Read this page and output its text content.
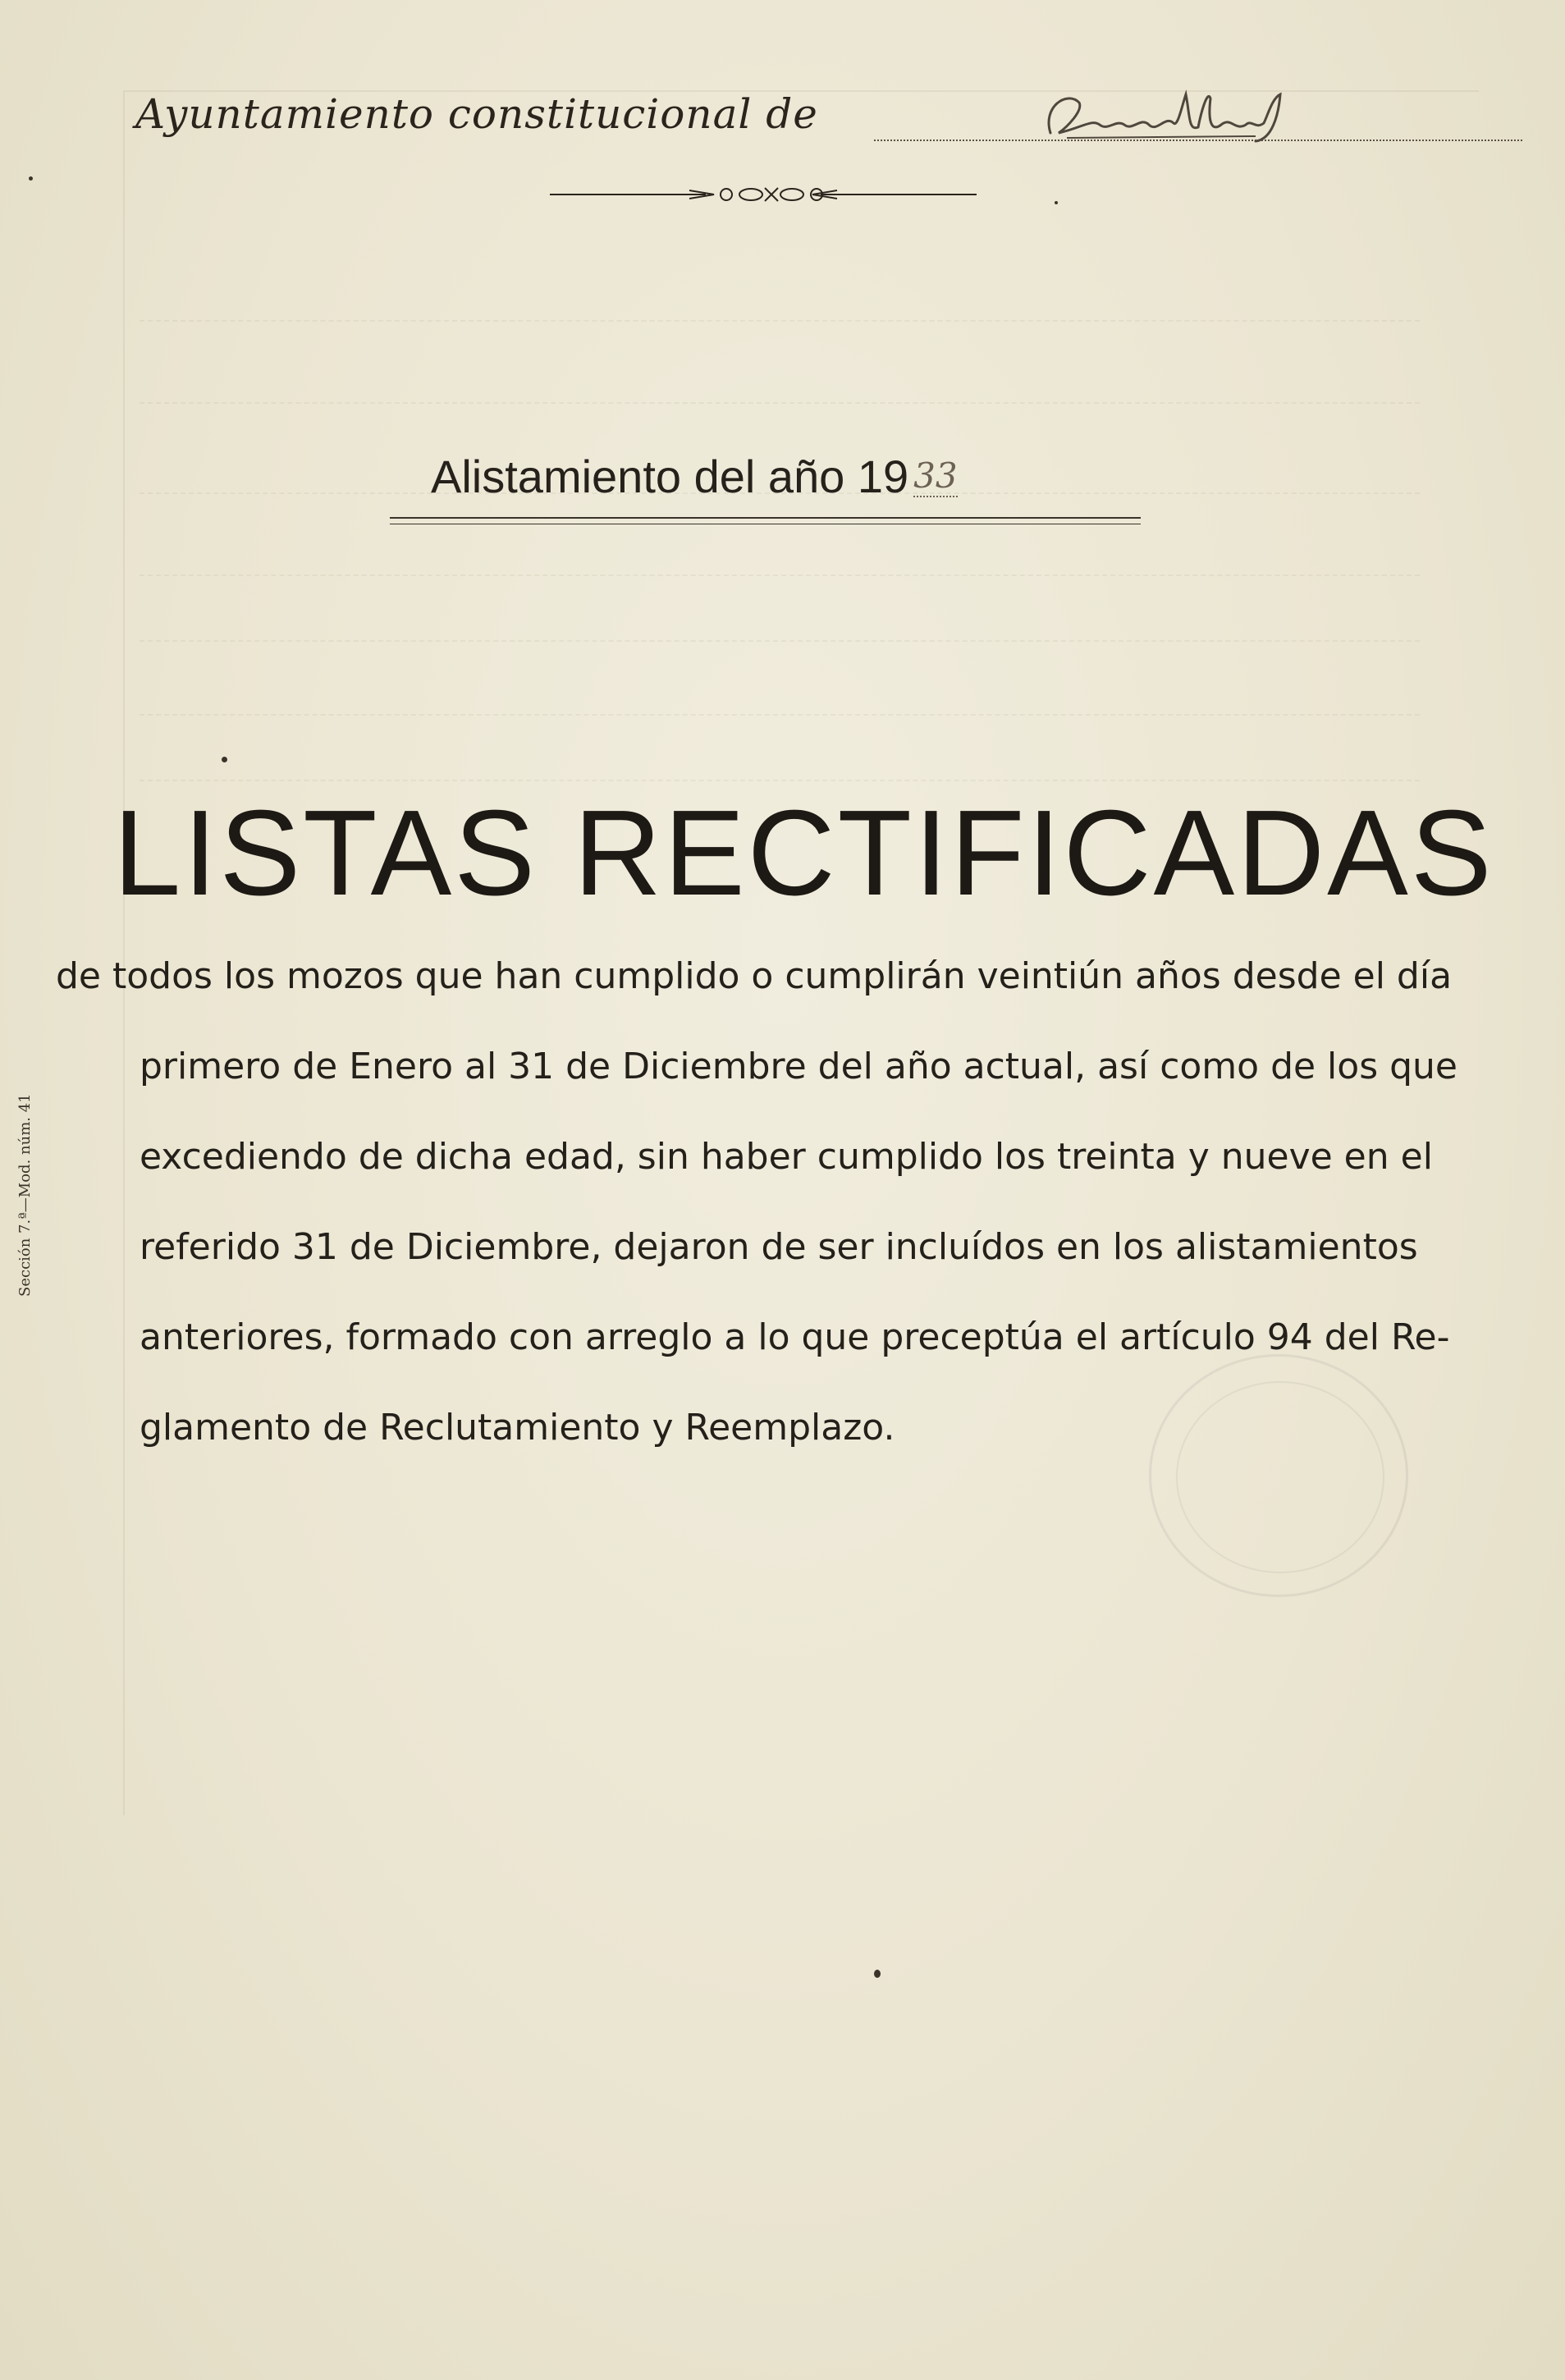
Ayuntamiento constitucional de
Alistamiento del año 19 33
LISTAS RECTIFICADAS
de todos los mozos que han cumplido o cumplirán veintiún años desde el día
primero de Enero al 31 de Diciembre del año actual, así como de los que
excediendo de dicha edad, sin haber cumplido los treinta y nueve en el
referido 31 de Diciembre, dejaron de ser incluídos en los alistamientos
anteriores, formado con arreglo a lo que preceptúa el artículo 94 del Re-
glamento de Reclutamiento y Reemplazo.
Sección 7.ª—Mod. núm. 41
